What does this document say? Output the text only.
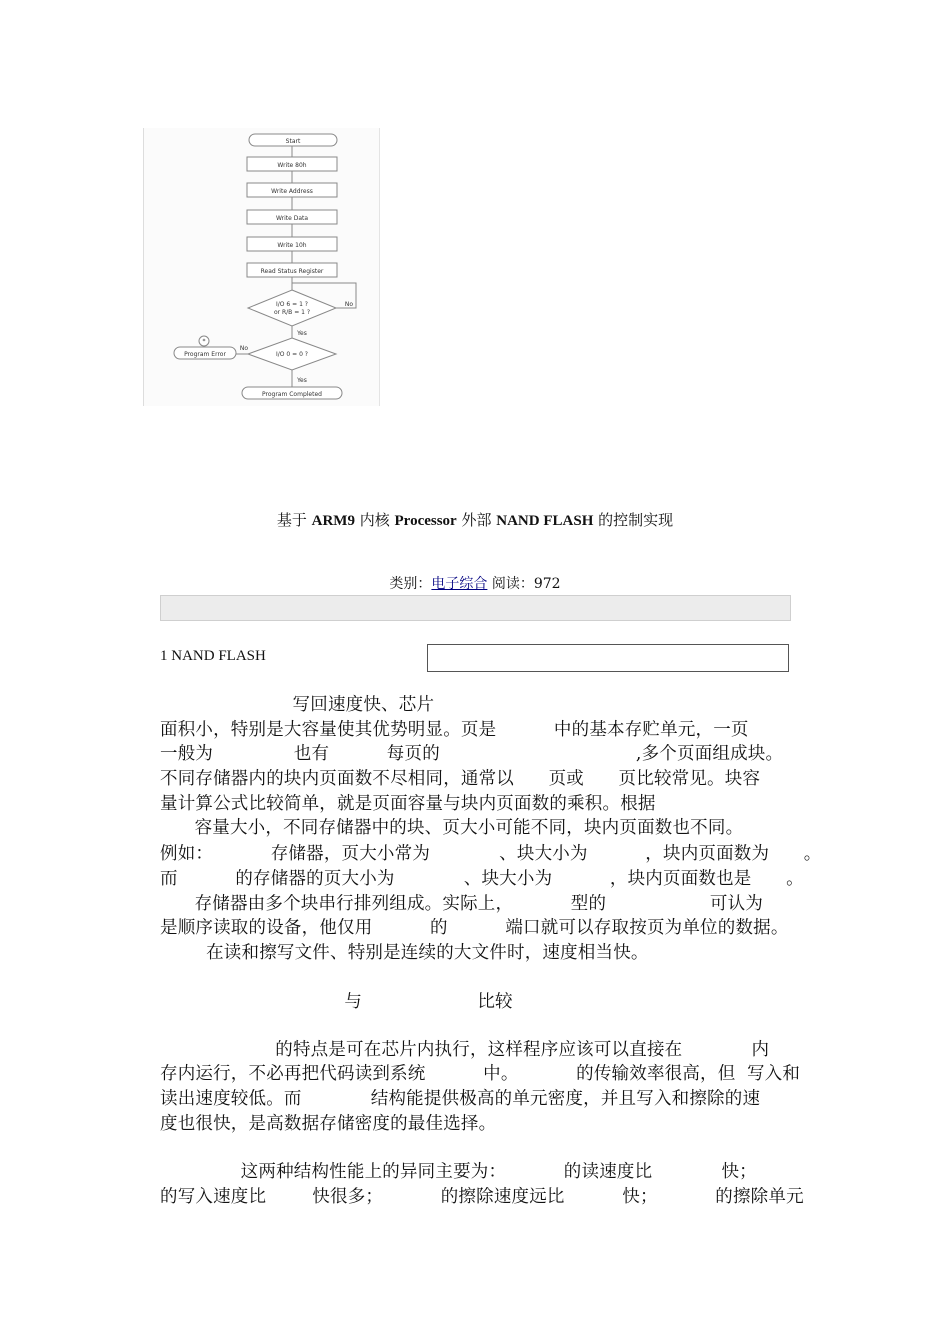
Start
Write 80h
Write Address
Write Data
Write 10h
Read Status Register
I/O 6 = 1 ?
or R/B = 1 ?
No
Yes
I/O 0 = 0 ?
No
Yes
*
Program Error
Program Completed
基于 ARM9 内核 Processor 外部 NAND FLASH 的控制实现
类别：电子综合 阅读：972
1 NAND FLASH
写回速度快、芯片
面积小，特别是大容量使其优势明显。页是          中的基本存贮单元，一页
一般为              也有          每页的                                  ,多个页面组成块。
不同存储器内的块内页面数不尽相同，通常以      页或      页比较常见。块容
量计算公式比较简单，就是页面容量与块内页面数的乘积。根据
容量大小，不同存储器中的块、页大小可能不同，块内页面数也不同。
例如：          存储器，页大小常为            、块大小为          ，块内页面数为      。
而          的存储器的页大小为            、块大小为          ，块内页面数也是      。
存储器由多个块串行排列组成。实际上，          型的                  可认为
是顺序读取的设备，他仅用          的          端口就可以存取按页为单位的数据。
在读和擦写文件、特别是连续的大文件时，速度相当快。
与                    比较
的特点是可在芯片内执行，这样程序应该可以直接在            内
存内运行，不必再把代码读到系统          中。          的传输效率很高，但  写入和
读出速度较低。而            结构能提供极高的单元密度，并且写入和擦除的速
度也很快，是高数据存储密度的最佳选择。
这两种结构性能上的异同主要为：          的读速度比            快；
的写入速度比        快很多；          的擦除速度远比          快；          的擦除单元
